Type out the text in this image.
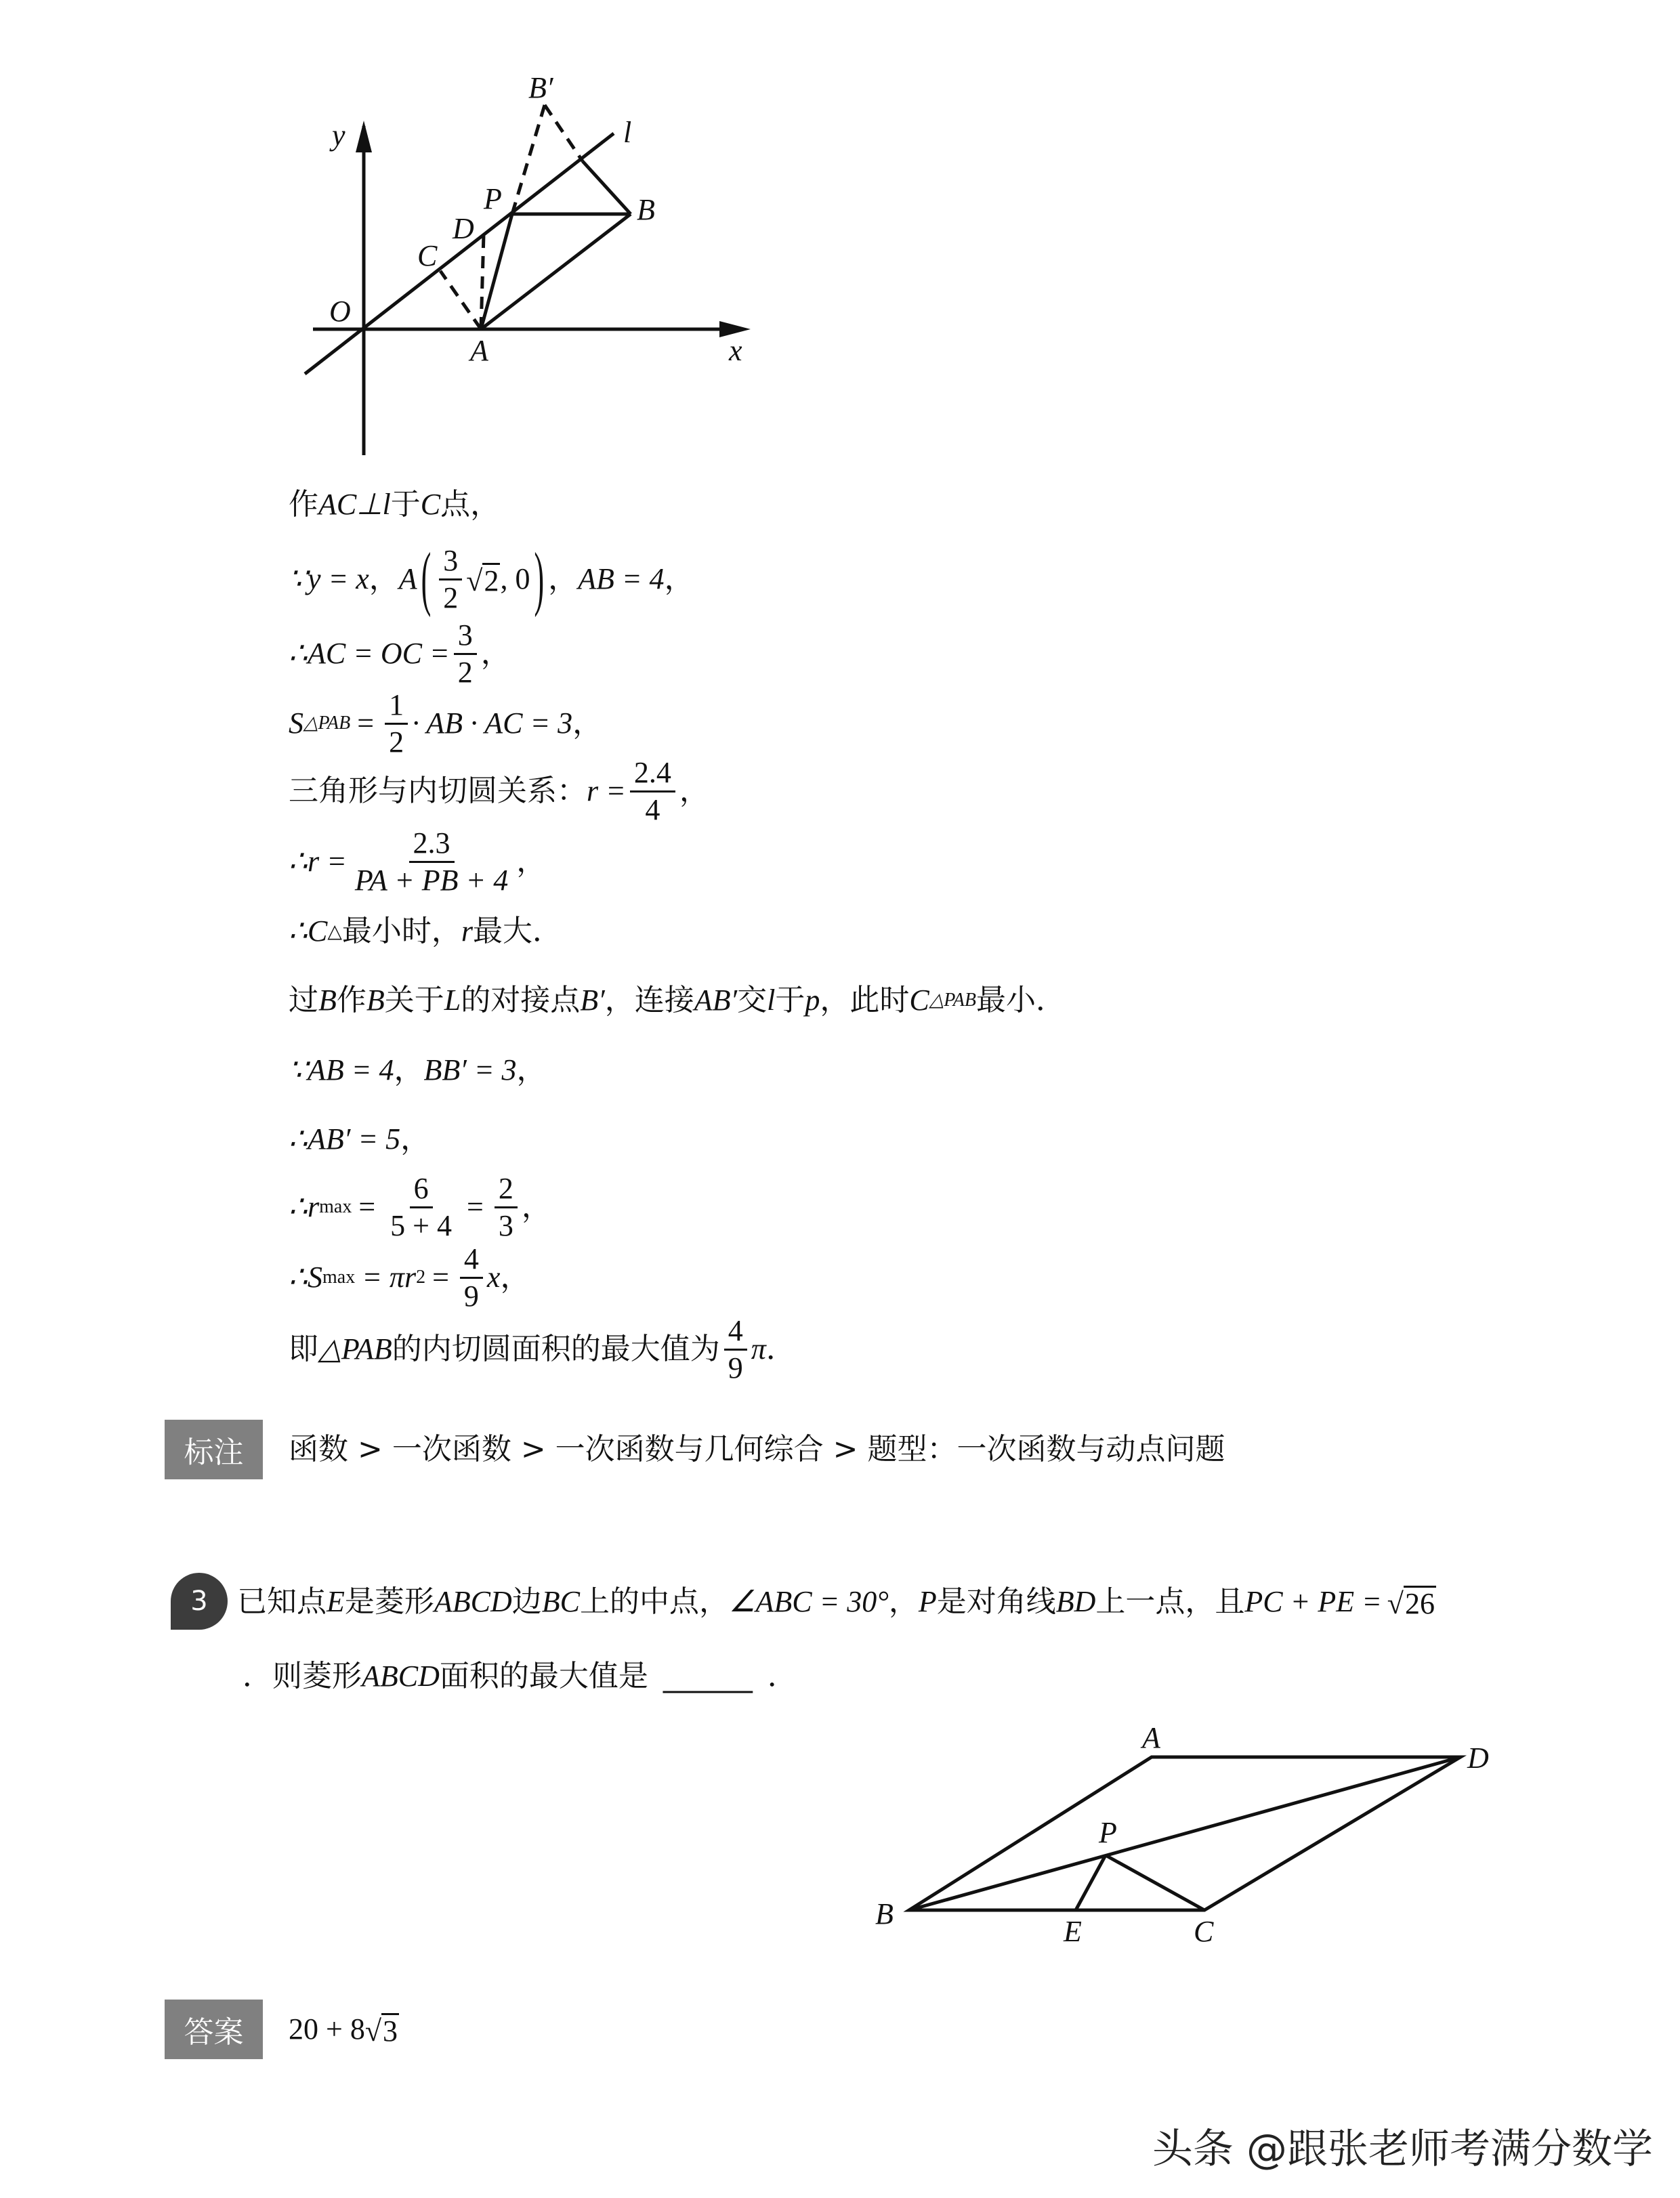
y
O
A	x
C
D
P	B
B′
l
作 AC⊥l 于 C 点，
∵y = x ， A ( $\frac{3}{2}$ √ 2 , 0 ) ， AB = 4 ，
∴AC = OC = $\frac{3}{2}$ ，
S △PAB = $\frac{1}{2}$ · AB · AC = 3 ，
三角形与内切圆关系： $r = \frac{2.4}{4}$ ，
∴r = $\frac{2.3}{PA + PB + 4}$ ，
∴C △ 最小时， r 最大．
过 B 作 B 关于 L 的对接点 B′ ，连接 AB′ 交 l 于 p ，此时 C △PAB 最小．
∵AB = 4 ， BB′ = 3 ，
∴AB′ = 5 ，
∴r $\max = \frac{6}{5 + 4} = \frac{2}{3}$ ，
∴S max = πr $2 = \frac{4}{9}$ x ，
即 △PAB 的内切圆面积的最大值为 $\frac{4}{9}$ π ．
标注	函数 > 一次函数 > 一次函数与几何综合 > 题型：一次函数与动点问题
3 已知点 E 是菱形 ABCD 边 BC 上的中点， ∠ABC = 30° ， P 是对角线 BD 上一点，且 PC + PE = √ 26
．则菱形 ABCD 面积的最大值是 ______ ．
A
D
P
B
E	C
答案	20 + 8 √ 3
头条 @跟张老师考满分数学
